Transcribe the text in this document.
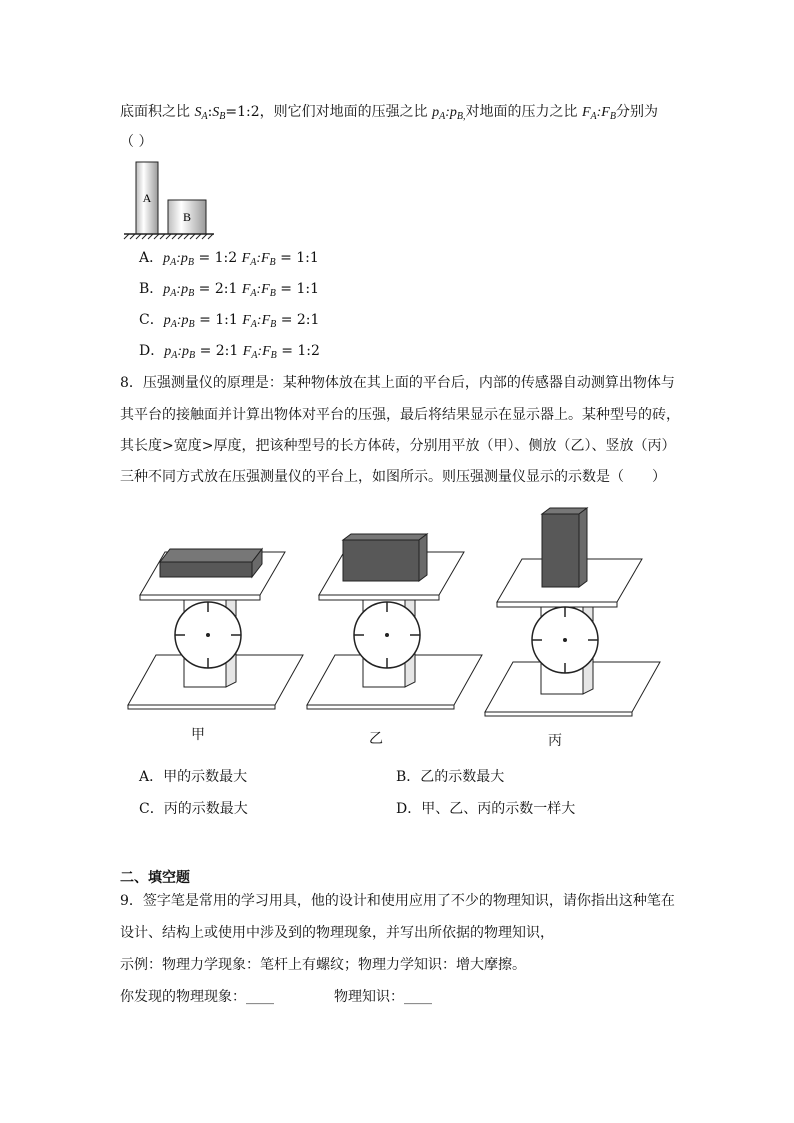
底面积之比 $S_A:S_B=1:2$，则它们对地面的压强之比 $p_A:p_{B,}$对地面的压力之比 $F_A:F_B$分别为
（ ）
A
B
A．$p_A:p_B$ = 1:2 $F_A:F_B$ = 1:1
B．$p_A:p_B$ = 2:1 $F_A:F_B$ = 1:1
C．$p_A:p_B$ = 1:1 $F_A:F_B$ = 2:1
D．$p_A:p_B$ = 2:1 $F_A:F_B$ = 1:2
8．压强测量仪的原理是：某种物体放在其上面的平台后，内部的传感器自动测算出物体与
其平台的接触面并计算出物体对平台的压强，最后将结果显示在显示器上。某种型号的砖，
其长度>宽度>厚度，把该种型号的长方体砖，分别用平放（甲）、侧放（乙）、竖放（丙）
三种不同方式放在压强测量仪的平台上，如图所示。则压强测量仪显示的示数是（　　）
甲	乙	丙
A．甲的示数最大	B．乙的示数最大
C．丙的示数最大	D．甲、乙、丙的示数一样大
二、填空题
9．签字笔是常用的学习用具，他的设计和使用应用了不少的物理知识，请你指出这种笔在
设计、结构上或使用中涉及到的物理现象，并写出所依据的物理知识，
示例：物理力学现象：笔杆上有螺纹；物理力学知识：增大摩擦。
你发现的物理现象：____	物理知识：____
